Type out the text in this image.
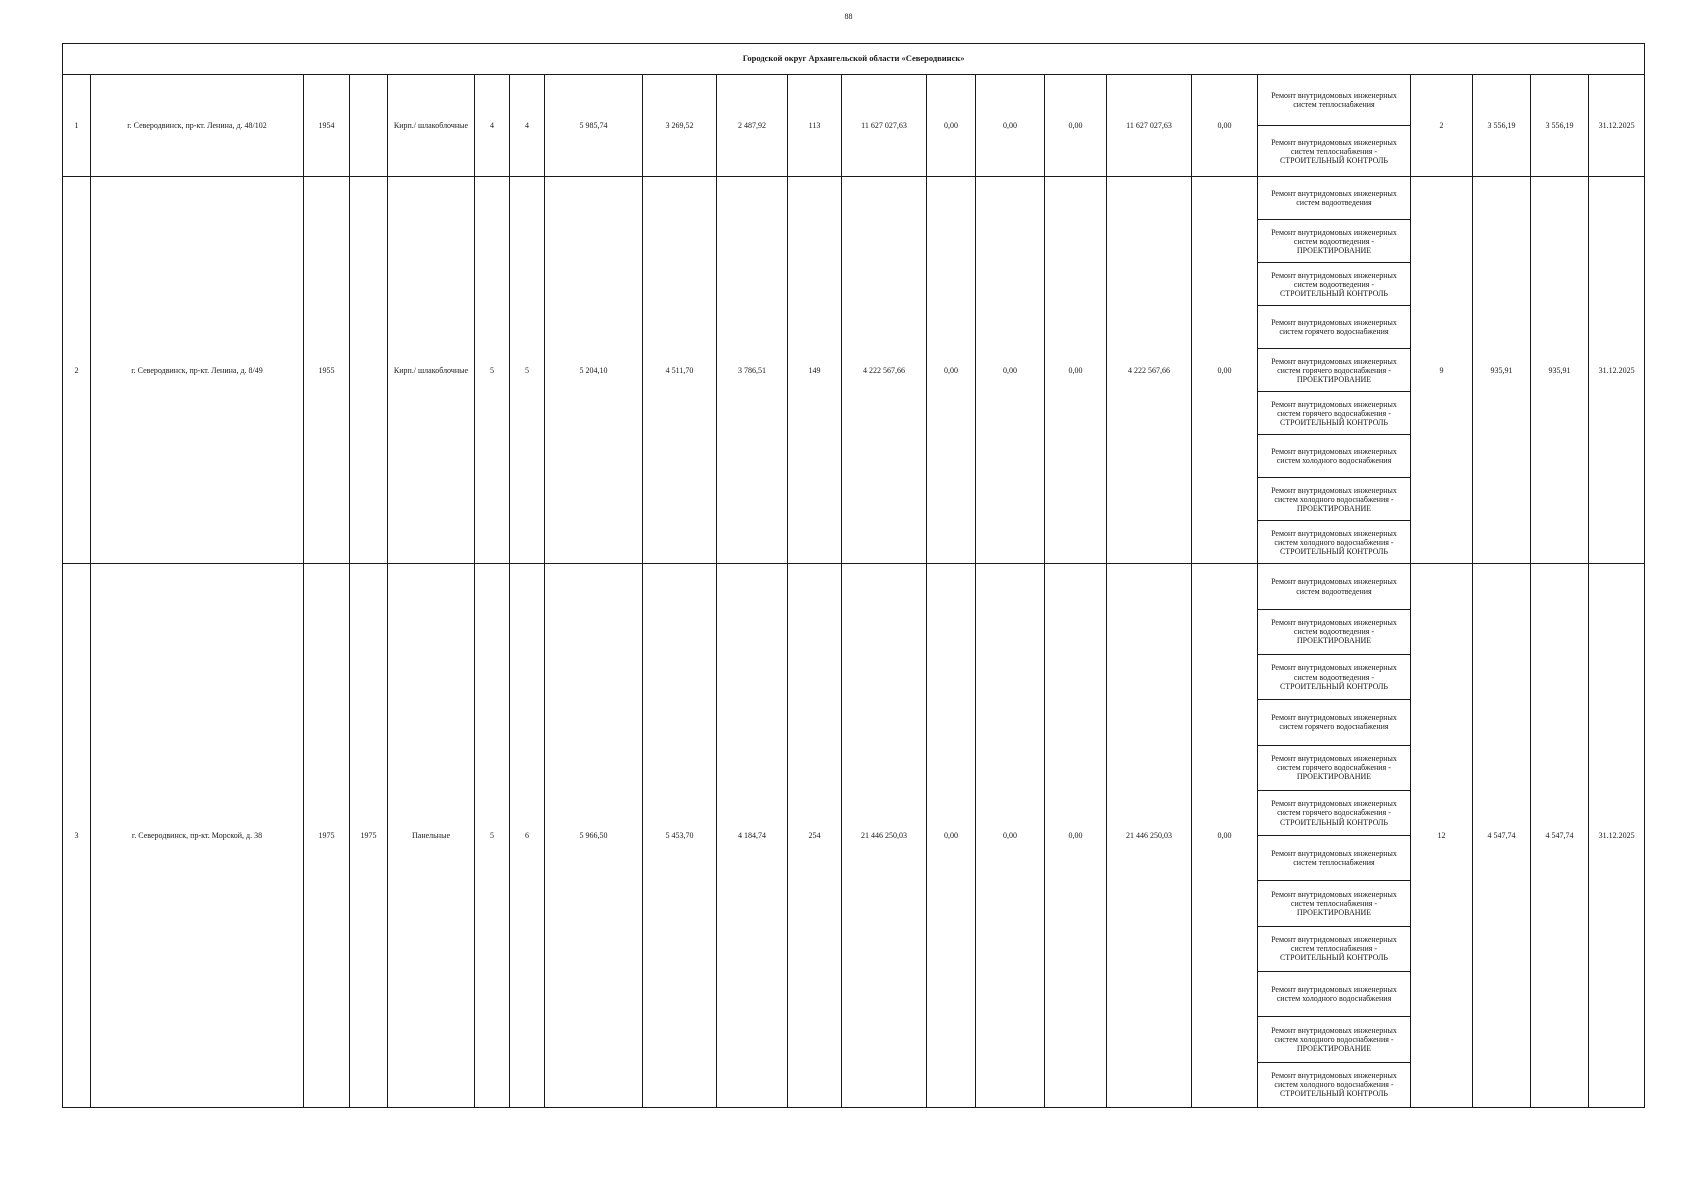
88
Городской округ Архангельской области «Северодвинск»																					
1	г. Северодвинск, пр-кт. Ленина, д. 48/102	1954		Кирп./ шлакоблочные	4	4	5 985,74	3 269,52	2 487,92	113	11 627 027,63	0,00	0,00	0,00	11 627 027,63	0,00	Ремонт внутридомовых инженерных систем теплоснабжения	2	3 556,19	3 556,19	31.12.2025
																	Ремонт внутридомовых инженерных систем теплоснабжения - СТРОИТЕЛЬНЫЙ КОНТРОЛЬ				
2	г. Северодвинск, пр-кт. Ленина, д. 8/49	1955		Кирп./ шлакоблочные	5	5	5 204,10	4 511,70	3 786,51	149	4 222 567,66	0,00	0,00	0,00	4 222 567,66	0,00	Ремонт внутридомовых инженерных систем водоотведения	9	935,91	935,91	31.12.2025
																	Ремонт внутридомовых инженерных систем водоотведения - ПРОЕКТИРОВАНИЕ				
																	Ремонт внутридомовых инженерных систем водоотведения - СТРОИТЕЛЬНЫЙ КОНТРОЛЬ				
																	Ремонт внутридомовых инженерных систем горячего водоснабжения				
																	Ремонт внутридомовых инженерных систем горячего водоснабжения - ПРОЕКТИРОВАНИЕ				
																	Ремонт внутридомовых инженерных систем горячего водоснабжения - СТРОИТЕЛЬНЫЙ КОНТРОЛЬ				
																	Ремонт внутридомовых инженерных систем холодного водоснабжения				
																	Ремонт внутридомовых инженерных систем холодного водоснабжения - ПРОЕКТИРОВАНИЕ				
																	Ремонт внутридомовых инженерных систем холодного водоснабжения - СТРОИТЕЛЬНЫЙ КОНТРОЛЬ				
3	г. Северодвинск, пр-кт. Морской, д. 38	1975	1975	Панельные	5	6	5 966,50	5 453,70	4 184,74	254	21 446 250,03	0,00	0,00	0,00	21 446 250,03	0,00	Ремонт внутридомовых инженерных систем водоотведения	12	4 547,74	4 547,74	31.12.2025
																	Ремонт внутридомовых инженерных систем водоотведения - ПРОЕКТИРОВАНИЕ				
																	Ремонт внутридомовых инженерных систем водоотведения - СТРОИТЕЛЬНЫЙ КОНТРОЛЬ				
																	Ремонт внутридомовых инженерных систем горячего водоснабжения				
																	Ремонт внутридомовых инженерных систем горячего водоснабжения - ПРОЕКТИРОВАНИЕ				
																	Ремонт внутридомовых инженерных систем горячего водоснабжения - СТРОИТЕЛЬНЫЙ КОНТРОЛЬ				
																	Ремонт внутридомовых инженерных систем теплоснабжения				
																	Ремонт внутридомовых инженерных систем теплоснабжения - ПРОЕКТИРОВАНИЕ				
																	Ремонт внутридомовых инженерных систем теплоснабжения - СТРОИТЕЛЬНЫЙ КОНТРОЛЬ				
																	Ремонт внутридомовых инженерных систем холодного водоснабжения				
																	Ремонт внутридомовых инженерных систем холодного водоснабжения - ПРОЕКТИРОВАНИЕ				
																	Ремонт внутридомовых инженерных систем холодного водоснабжения - СТРОИТЕЛЬНЫЙ КОНТРОЛЬ				
